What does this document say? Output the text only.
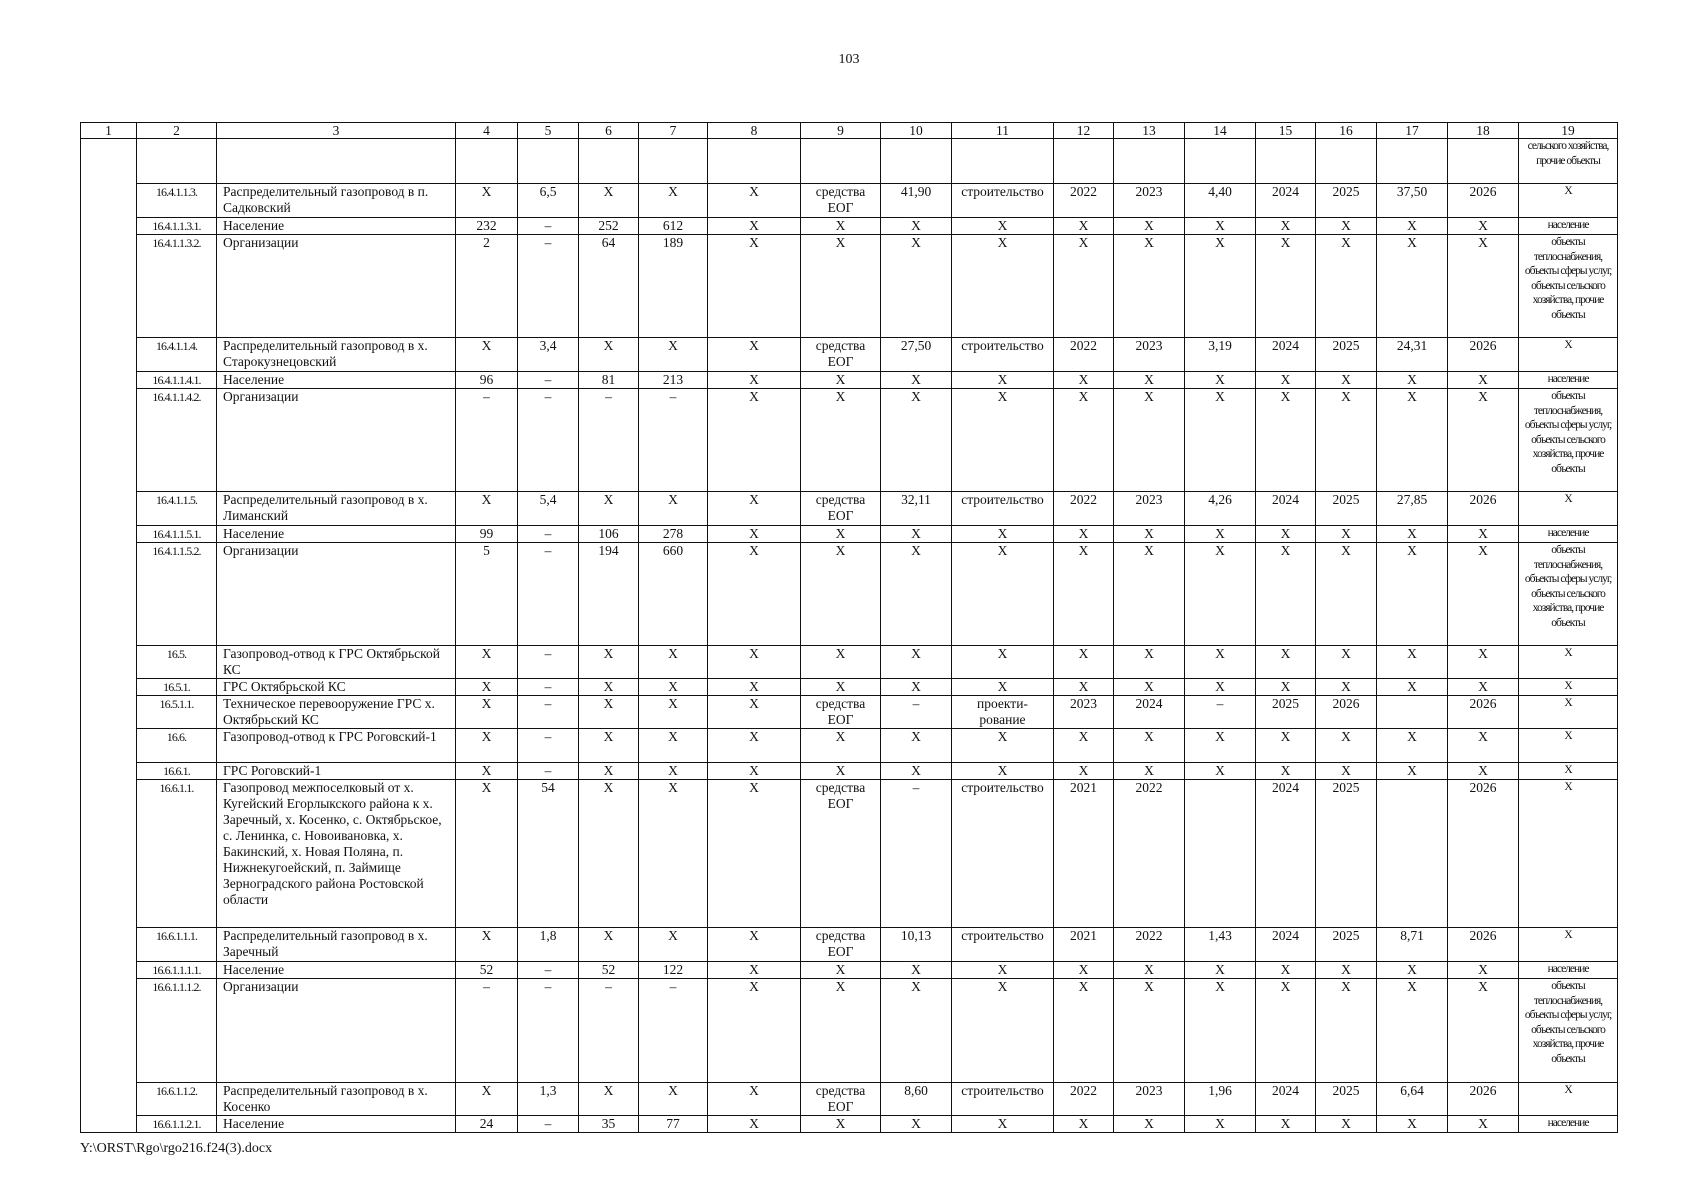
103
1	2	3	4	5	6	7	8	9	10	11	12	13	14	15	16	17	18	19
																		сельского хозяйства, прочие объекты
	16.4.1.1.3.	Распределительный газопровод в п. Садковский	X	6,5	X	X	X	средства ЕОГ	41,90	строительство	2022	2023	4,40	2024	2025	37,50	2026	X
	16.4.1.1.3.1.	Население	232	–	252	612	X	X	X	X	X	X	X	X	X	X	X	население
	16.4.1.1.3.2.	Организации	2	–	64	189	X	X	X	X	X	X	X	X	X	X	X	объекты теплоснабжения, объекты сферы услуг, объекты сельского хозяйства, прочие объекты
	16.4.1.1.4.	Распределительный газопровод в х. Старокузнецовский	X	3,4	X	X	X	средства ЕОГ	27,50	строительство	2022	2023	3,19	2024	2025	24,31	2026	X
	16.4.1.1.4.1.	Население	96	–	81	213	X	X	X	X	X	X	X	X	X	X	X	население
	16.4.1.1.4.2.	Организации	–	–	–	–	X	X	X	X	X	X	X	X	X	X	X	объекты теплоснабжения, объекты сферы услуг, объекты сельского хозяйства, прочие объекты
	16.4.1.1.5.	Распределительный газопровод в х. Лиманский	X	5,4	X	X	X	средства ЕОГ	32,11	строительство	2022	2023	4,26	2024	2025	27,85	2026	X
	16.4.1.1.5.1.	Население	99	–	106	278	X	X	X	X	X	X	X	X	X	X	X	население
	16.4.1.1.5.2.	Организации	5	–	194	660	X	X	X	X	X	X	X	X	X	X	X	объекты теплоснабжения, объекты сферы услуг, объекты сельского хозяйства, прочие объекты
	16.5.	Газопровод-отвод к ГРС Октябрьской КС	X	–	X	X	X	X	X	X	X	X	X	X	X	X	X	X
	16.5.1.	ГРС Октябрьской КС	X	–	X	X	X	X	X	X	X	X	X	X	X	X	X	X
	16.5.1.1.	Техническое перевооружение ГРС х. Октябрьский КС	X	–	X	X	X	средства ЕОГ	–	проекти-рование	2023	2024	–	2025	2026		2026	X
	16.6.	Газопровод-отвод к ГРС Роговский-1	X	–	X	X	X	X	X	X	X	X	X	X	X	X	X	X
	16.6.1.	ГРС Роговский-1	X	–	X	X	X	X	X	X	X	X	X	X	X	X	X	X
	16.6.1.1.	Газопровод межпоселковый от х. Кугейский Егорлыкского района к х. Заречный, х. Косенко, с. Октябрьское, с. Ленинка, с. Новоивановка, х. Бакинский, х. Новая Поляна, п. Нижнекугоейский, п. Займище Зерноградского района Ростовской области	X	54	X	X	X	средства ЕОГ	–	строительство	2021	2022		2024	2025		2026	X
	16.6.1.1.1.	Распределительный газопровод в х. Заречный	X	1,8	X	X	X	средства ЕОГ	10,13	строительство	2021	2022	1,43	2024	2025	8,71	2026	X
	16.6.1.1.1.1.	Население	52	–	52	122	X	X	X	X	X	X	X	X	X	X	X	население
	16.6.1.1.1.2.	Организации	–	–	–	–	X	X	X	X	X	X	X	X	X	X	X	объекты теплоснабжения, объекты сферы услуг, объекты сельского хозяйства, прочие объекты
	16.6.1.1.2.	Распределительный газопровод в х. Косенко	X	1,3	X	X	X	средства ЕОГ	8,60	строительство	2022	2023	1,96	2024	2025	6,64	2026	X
	16.6.1.1.2.1.	Население	24	–	35	77	X	X	X	X	X	X	X	X	X	X	X	население
Y:\ORST\Rgo\rgo216.f24(3).docx
